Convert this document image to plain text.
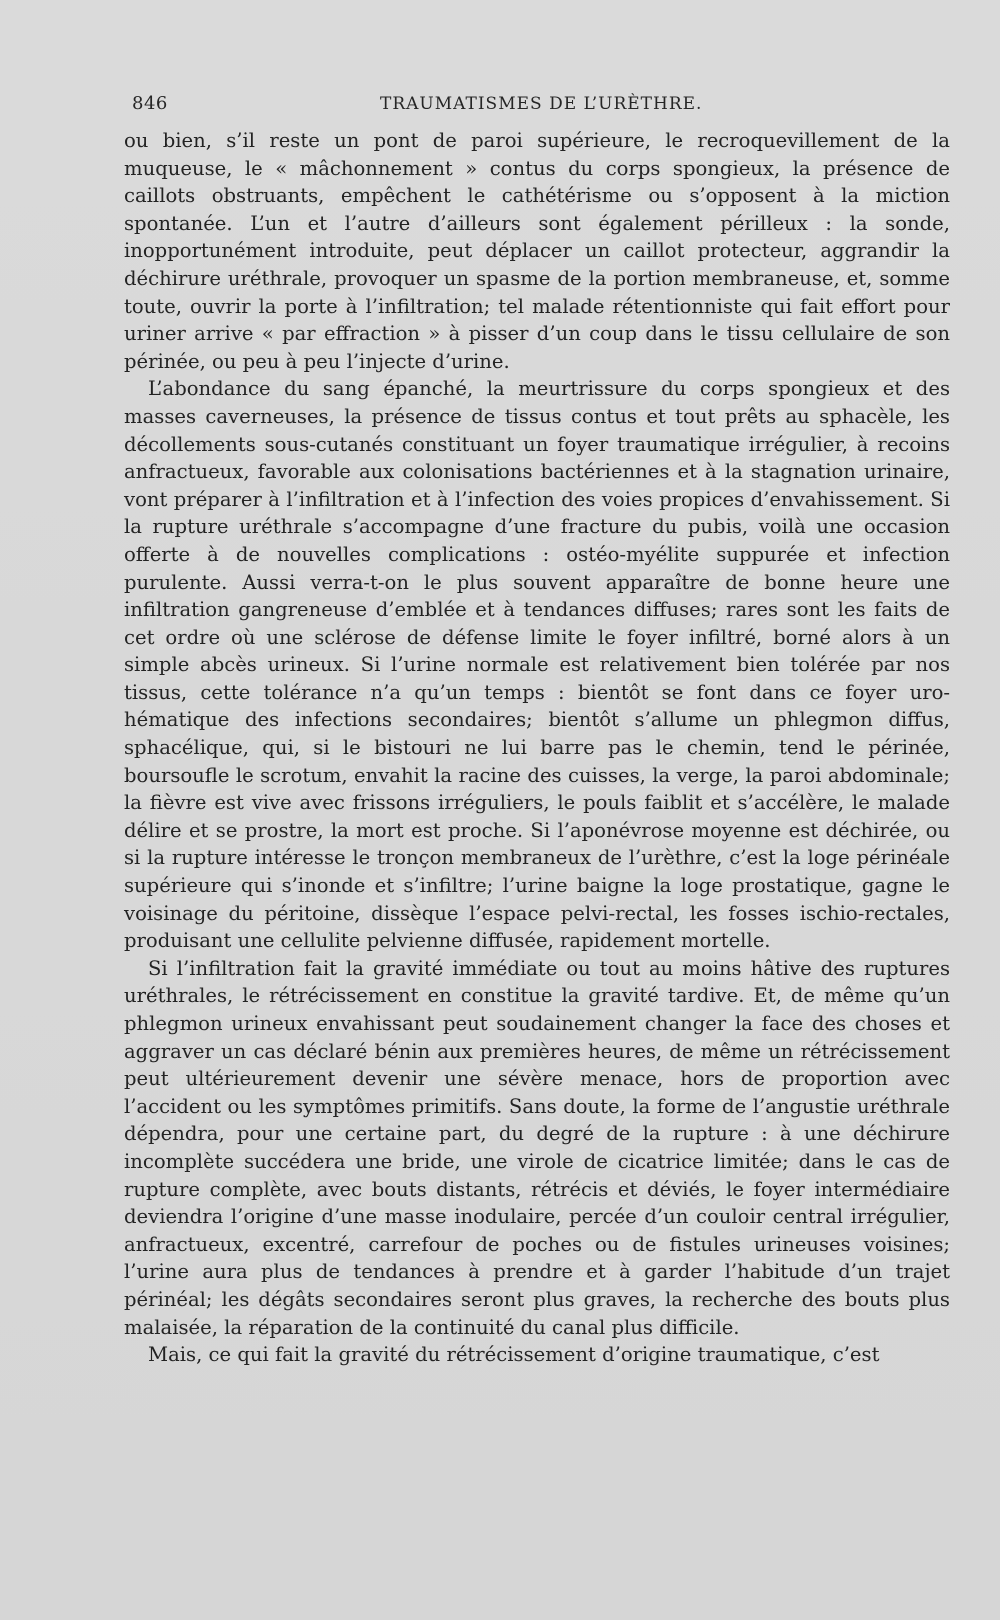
846	TRAUMATISMES DE L’URÈTHRE.

ou bien, s’il reste un pont de paroi supérieure, le recroquevillement de la muqueuse, le « mâchonnement » contus du corps spongieux, la présence de caillots obstruants, empêchent le cathétérisme ou s’opposent à la miction spontanée. L’un et l’autre d’ailleurs sont également périlleux : la sonde, inopportunément introduite, peut déplacer un caillot protecteur, aggrandir la déchirure uréthrale, provoquer un spasme de la portion membraneuse, et, somme toute, ouvrir la porte à l’infiltration; tel malade rétentionniste qui fait effort pour uriner arrive « par effraction » à pisser d’un coup dans le tissu cellulaire de son périnée, ou peu à peu l’injecte d’urine.

L’abondance du sang épanché, la meurtrissure du corps spongieux et des masses caverneuses, la présence de tissus contus et tout prêts au sphacèle, les décollements sous-cutanés constituant un foyer traumatique irrégulier, à recoins anfractueux, favorable aux colonisations bactériennes et à la stagnation urinaire, vont préparer à l’infiltration et à l’infection des voies propices d’envahissement. Si la rupture uréthrale s’accompagne d’une fracture du pubis, voilà une occasion offerte à de nouvelles complications : ostéo-myélite suppurée et infection purulente. Aussi verra-t-on le plus souvent apparaître de bonne heure une infiltration gangreneuse d’emblée et à tendances diffuses; rares sont les faits de cet ordre où une sclérose de défense limite le foyer infiltré, borné alors à un simple abcès urineux. Si l’urine normale est relativement bien tolérée par nos tissus, cette tolérance n’a qu’un temps : bientôt se font dans ce foyer uro-hématique des infections secondaires; bientôt s’allume un phlegmon diffus, sphacélique, qui, si le bistouri ne lui barre pas le chemin, tend le périnée, boursoufle le scrotum, envahit la racine des cuisses, la verge, la paroi abdominale; la fièvre est vive avec frissons irréguliers, le pouls faiblit et s’accélère, le malade délire et se prostre, la mort est proche. Si l’aponévrose moyenne est déchirée, ou si la rupture intéresse le tronçon membraneux de l’urèthre, c’est la loge périnéale supérieure qui s’inonde et s’infiltre; l’urine baigne la loge prostatique, gagne le voisinage du péritoine, dissèque l’espace pelvi-rectal, les fosses ischio-rectales, produisant une cellulite pelvienne diffusée, rapidement mortelle.

Si l’infiltration fait la gravité immédiate ou tout au moins hâtive des ruptures uréthrales, le rétrécissement en constitue la gravité tardive. Et, de même qu’un phlegmon urineux envahissant peut soudainement changer la face des choses et aggraver un cas déclaré bénin aux premières heures, de même un rétrécissement peut ultérieurement devenir une sévère menace, hors de proportion avec l’accident ou les symptômes primitifs. Sans doute, la forme de l’angustie uréthrale dépendra, pour une certaine part, du degré de la rupture : à une déchirure incomplète succédera une bride, une virole de cicatrice limitée; dans le cas de rupture complète, avec bouts distants, rétrécis et déviés, le foyer intermédiaire deviendra l’origine d’une masse inodulaire, percée d’un couloir central irrégulier, anfractueux, excentré, carrefour de poches ou de fistules urineuses voisines; l’urine aura plus de tendances à prendre et à garder l’habitude d’un trajet périnéal; les dégâts secondaires seront plus graves, la recherche des bouts plus malaisée, la réparation de la continuité du canal plus difficile.

Mais, ce qui fait la gravité du rétrécissement d’origine traumatique, c’est
